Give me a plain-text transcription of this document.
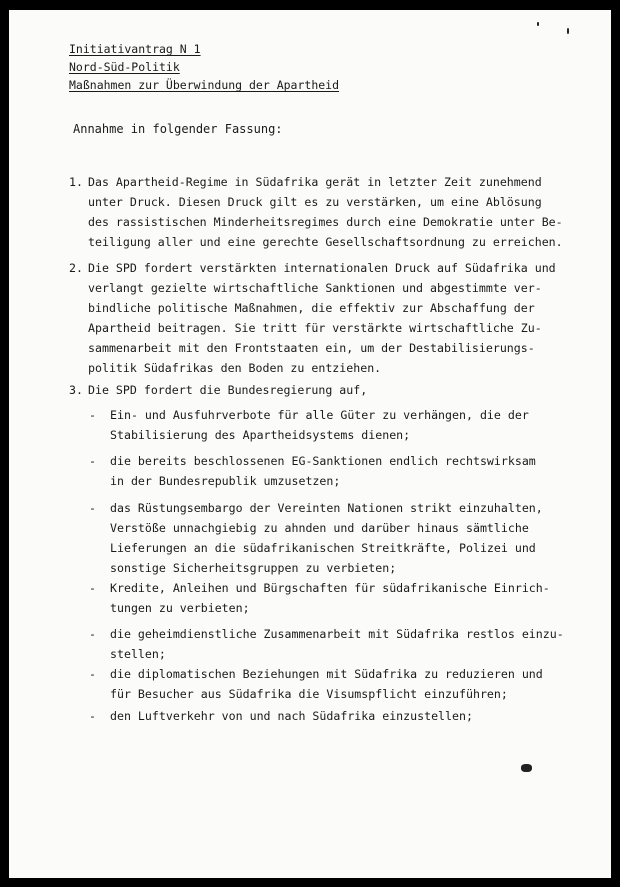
Initiativantrag N 1
Nord-Süd-Politik
Maßnahmen zur Überwindung der Apartheid
Annahme in folgender Fassung:
1. Das Apartheid-Regime in Südafrika gerät in letzter Zeit zunehmend
unter Druck. Diesen Druck gilt es zu verstärken, um eine Ablösung
des rassistischen Minderheitsregimes durch eine Demokratie unter Be-
teiligung aller und eine gerechte Gesellschaftsordnung zu erreichen.
2. Die SPD fordert verstärkten internationalen Druck auf Südafrika und
verlangt gezielte wirtschaftliche Sanktionen und abgestimmte ver-
bindliche politische Maßnahmen, die effektiv zur Abschaffung der
Apartheid beitragen. Sie tritt für verstärkte wirtschaftliche Zu-
sammenarbeit mit den Frontstaaten ein, um der Destabilisierungs-
politik Südafrikas den Boden zu entziehen.
3. Die SPD fordert die Bundesregierung auf,
- Ein- und Ausfuhrverbote für alle Güter zu verhängen, die der
Stabilisierung des Apartheidsystems dienen;
- die bereits beschlossenen EG-Sanktionen endlich rechtswirksam
in der Bundesrepublik umzusetzen;
- das Rüstungsembargo der Vereinten Nationen strikt einzuhalten,
Verstöße unnachgiebig zu ahnden und darüber hinaus sämtliche
Lieferungen an die südafrikanischen Streitkräfte, Polizei und
sonstige Sicherheitsgruppen zu verbieten;
- Kredite, Anleihen und Bürgschaften für südafrikanische Einrich-
tungen zu verbieten;
- die geheimdienstliche Zusammenarbeit mit Südafrika restlos einzu-
stellen;
- die diplomatischen Beziehungen mit Südafrika zu reduzieren und
für Besucher aus Südafrika die Visumspflicht einzuführen;
- den Luftverkehr von und nach Südafrika einzustellen;
